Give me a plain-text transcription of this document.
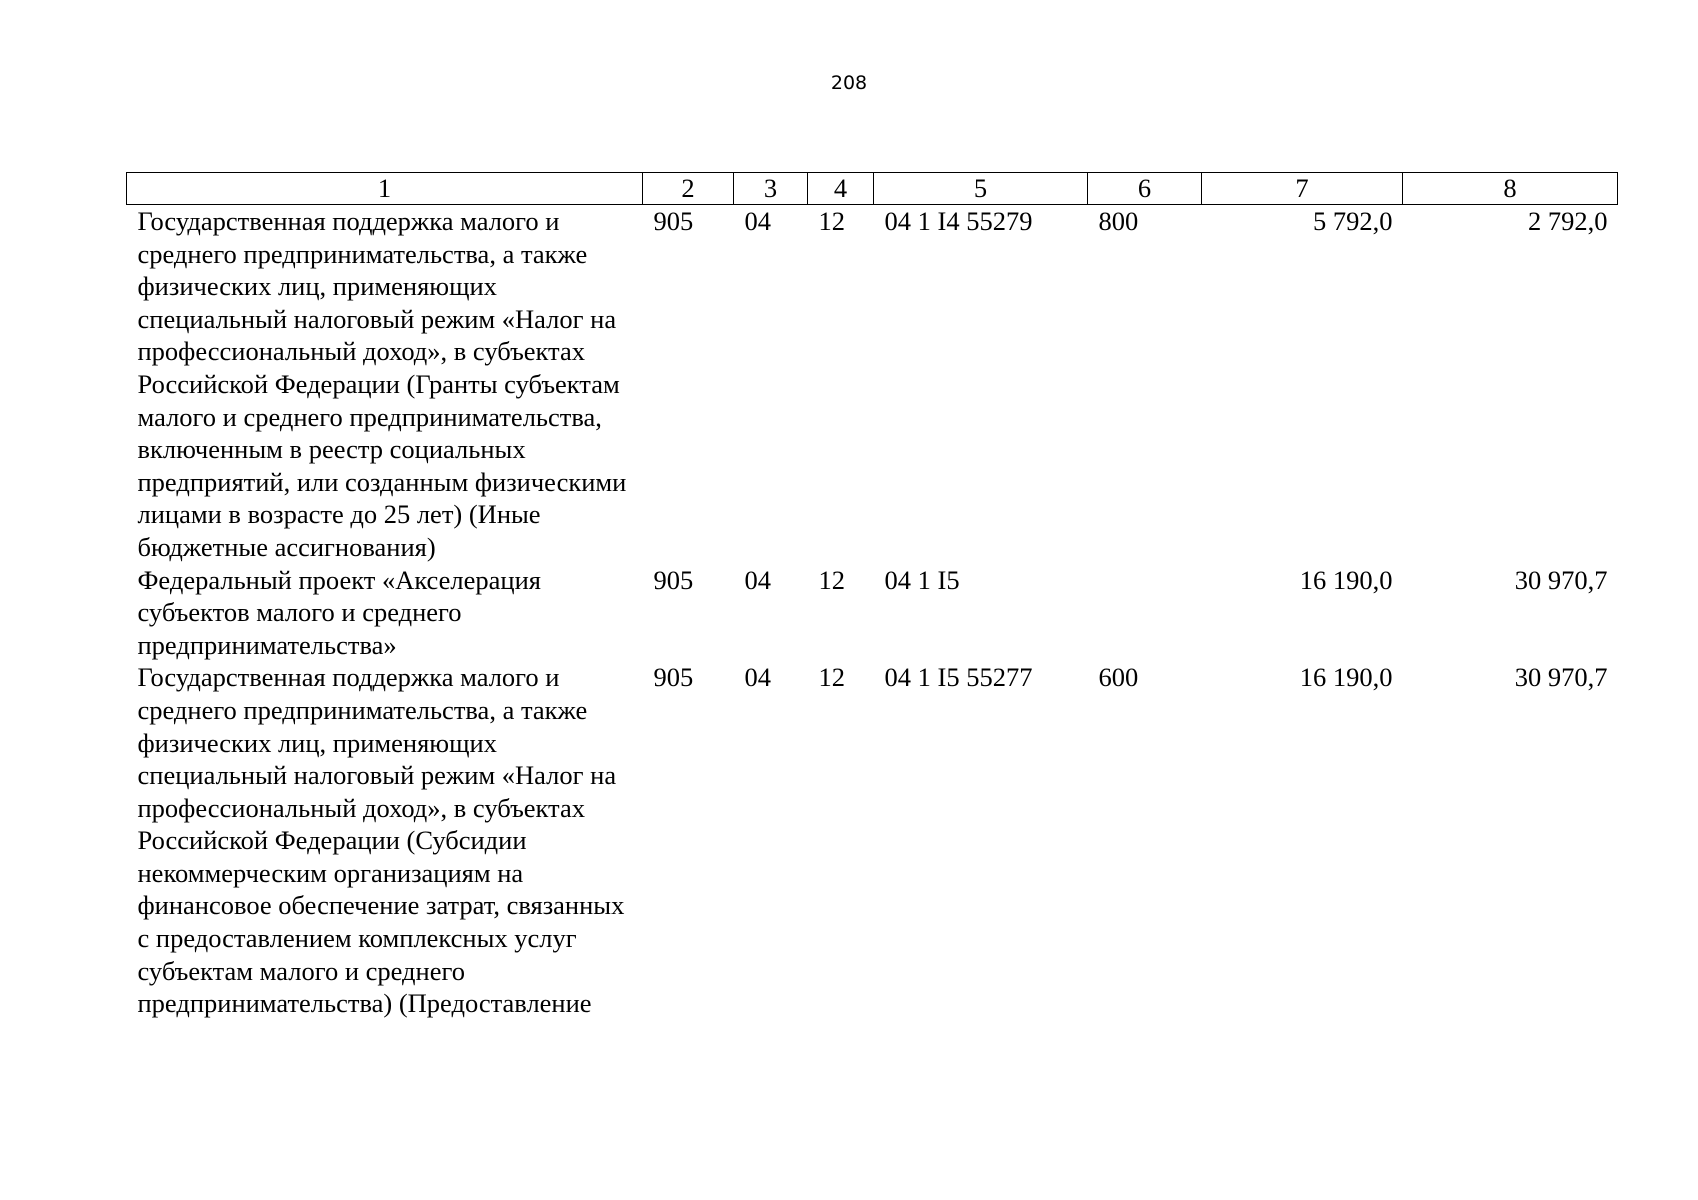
208
1	2	3	4	5	6	7	8
Государственная поддержка малого и среднего предпринимательства, а также физических лиц, применяющих специальный налоговый режим «Налог на профессиональный доход», в субъектах Российской Федерации (Гранты субъектам малого и среднего предпринимательства, включенным в реестр социальных предприятий, или созданным физическими лицами в возрасте до 25 лет) (Иные бюджетные ассигнования)	905	04	12	04 1 I4 55279	800	5 792,0	2 792,0
Федеральный проект «Акселерация субъектов малого и среднего предпринимательства»	905	04	12	04 1 I5		16 190,0	30 970,7
Государственная поддержка малого и среднего предпринимательства, а также физических лиц, применяющих специальный налоговый режим «Налог на профессиональный доход», в субъектах Российской Федерации (Субсидии некоммерческим организациям на финансовое обеспечение затрат, связанных с предоставлением комплексных услуг субъектам малого и среднего предпринимательства) (Предоставление	905	04	12	04 1 I5 55277	600	16 190,0	30 970,7
